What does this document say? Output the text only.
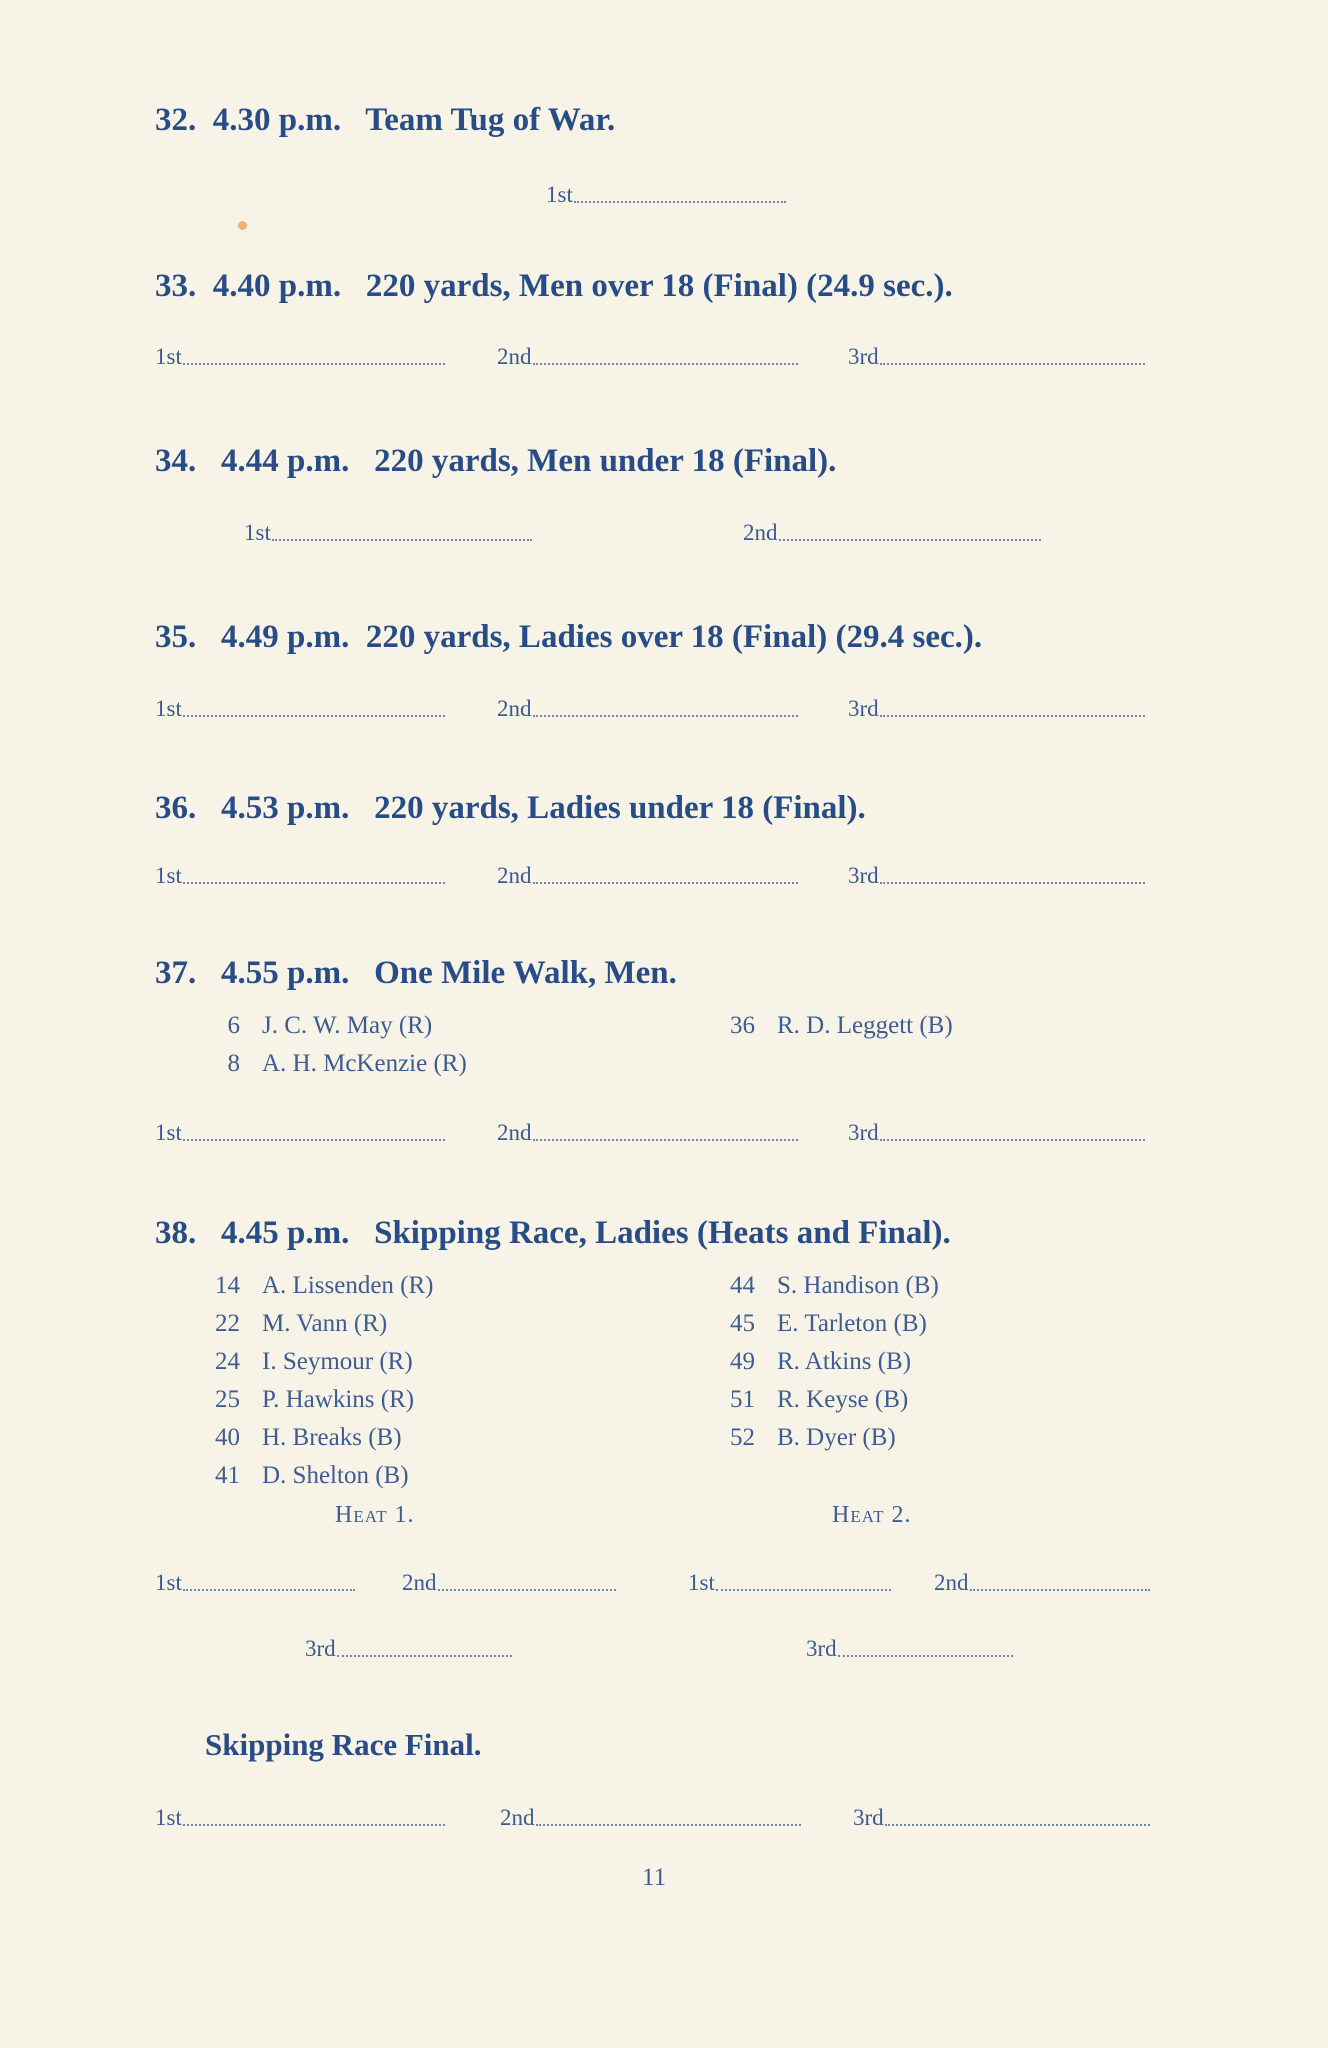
32. 4.30 p.m. Team Tug of War.
1st
33. 4.40 p.m. 220 yards, Men over 18 (Final) (24.9 sec.).
1st	2nd	3rd
34. 4.44 p.m. 220 yards, Men under 18 (Final).
1st	2nd
35. 4.49 p.m. 220 yards, Ladies over 18 (Final) (29.4 sec.).
1st	2nd	3rd
36. 4.53 p.m. 220 yards, Ladies under 18 (Final).
1st	2nd	3rd
37. 4.55 p.m. One Mile Walk, Men.
6 J. C. W. May (R)
8 A. H. McKenzie (R)
36 R. D. Leggett (B)
1st	2nd	3rd
38. 4.45 p.m. Skipping Race, Ladies (Heats and Final).
14 A. Lissenden (R)
22 M. Vann (R)
24 I. Seymour (R)
25 P. Hawkins (R)
40 H. Breaks (B)
41 D. Shelton (B)
44 S. Handison (B)
45 E. Tarleton (B)
49 R. Atkins (B)
51 R. Keyse (B)
52 B. Dyer (B)
Heat 1.	Heat 2.
1st	2nd	1st	2nd
3rd	3rd
Skipping Race Final.
1st	2nd	3rd
11
